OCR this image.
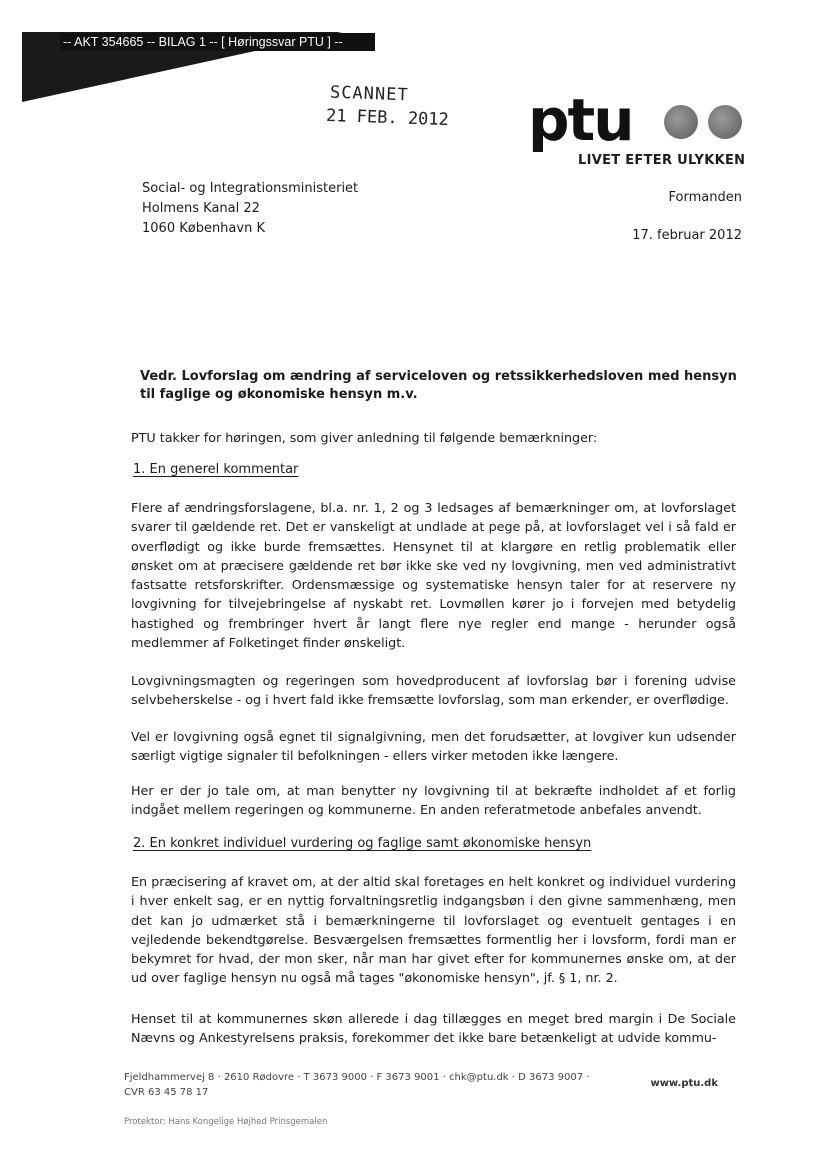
-- AKT 354665 -- BILAG 1 -- [ Høringssvar PTU ] --
SCANNET
21 FEB. 2012 ptu
LIVET EFTER ULYKKEN
Social- og Integrationsministeriet
Holmens Kanal 22
1060 København K
Formanden
17. februar 2012
Vedr. Lovforslag om ændring af serviceloven og retssikkerhedsloven med hensyn til faglige og økonomiske hensyn m.v.
PTU takker for høringen, som giver anledning til følgende bemærkninger:
1. En generel kommentar
Flere af ændringsforslagene, bl.a. nr. 1, 2 og 3 ledsages af bemærkninger om, at lovforslaget svarer til gældende ret. Det er vanskeligt at undlade at pege på, at lovforslaget vel i så fald er overflødigt og ikke burde fremsættes. Hensynet til at klargøre en retlig problematik eller ønsket om at præcisere gældende ret bør ikke ske ved ny lovgivning, men ved administrativt fastsatte retsforskrifter. Ordensmæssige og systematiske hensyn taler for at reservere ny lovgivning for tilvejebringelse af nyskabt ret. Lovmøllen kører jo i forvejen med betydelig hastighed og frembringer hvert år langt flere nye regler end mange - herunder også medlemmer af Folketinget finder ønskeligt.
Lovgivningsmagten og regeringen som hovedproducent af lovforslag bør i forening udvise selvbeherskelse - og i hvert fald ikke fremsætte lovforslag, som man erkender, er overflødige.
Vel er lovgivning også egnet til signalgivning, men det forudsætter, at lovgiver kun udsender særligt vigtige signaler til befolkningen - ellers virker metoden ikke længere.
Her er der jo tale om, at man benytter ny lovgivning til at bekræfte indholdet af et forlig indgået mellem regeringen og kommunerne. En anden referatmetode anbefales anvendt.
2. En konkret individuel vurdering og faglige samt økonomiske hensyn
En præcisering af kravet om, at der altid skal foretages en helt konkret og individuel vurdering i hver enkelt sag, er en nyttig forvaltningsretlig indgangsbøn i den givne sammenhæng, men det kan jo udmærket stå i bemærkningerne til lovforslaget og eventuelt gentages i en vejledende bekendtgørelse. Besværgelsen fremsættes formentlig her i lovsform, fordi man er bekymret for hvad, der mon sker, når man har givet efter for kommunernes ønske om, at der ud over faglige hensyn nu også må tages "økonomiske hensyn", jf. § 1, nr. 2.
Henset til at kommunernes skøn allerede i dag tillægges en meget bred margin i De Sociale Nævns og Ankestyrelsens praksis, forekommer det ikke bare betænkeligt at udvide kommu-
Fjeldhammervej 8 · 2610 Rødovre · T 3673 9000 · F 3673 9001 · chk@ptu.dk · D 3673 9007 ·
www.ptu.dk
CVR 63 45 78 17
Protektor: Hans Kongelige Højhed Prinsgemalen
